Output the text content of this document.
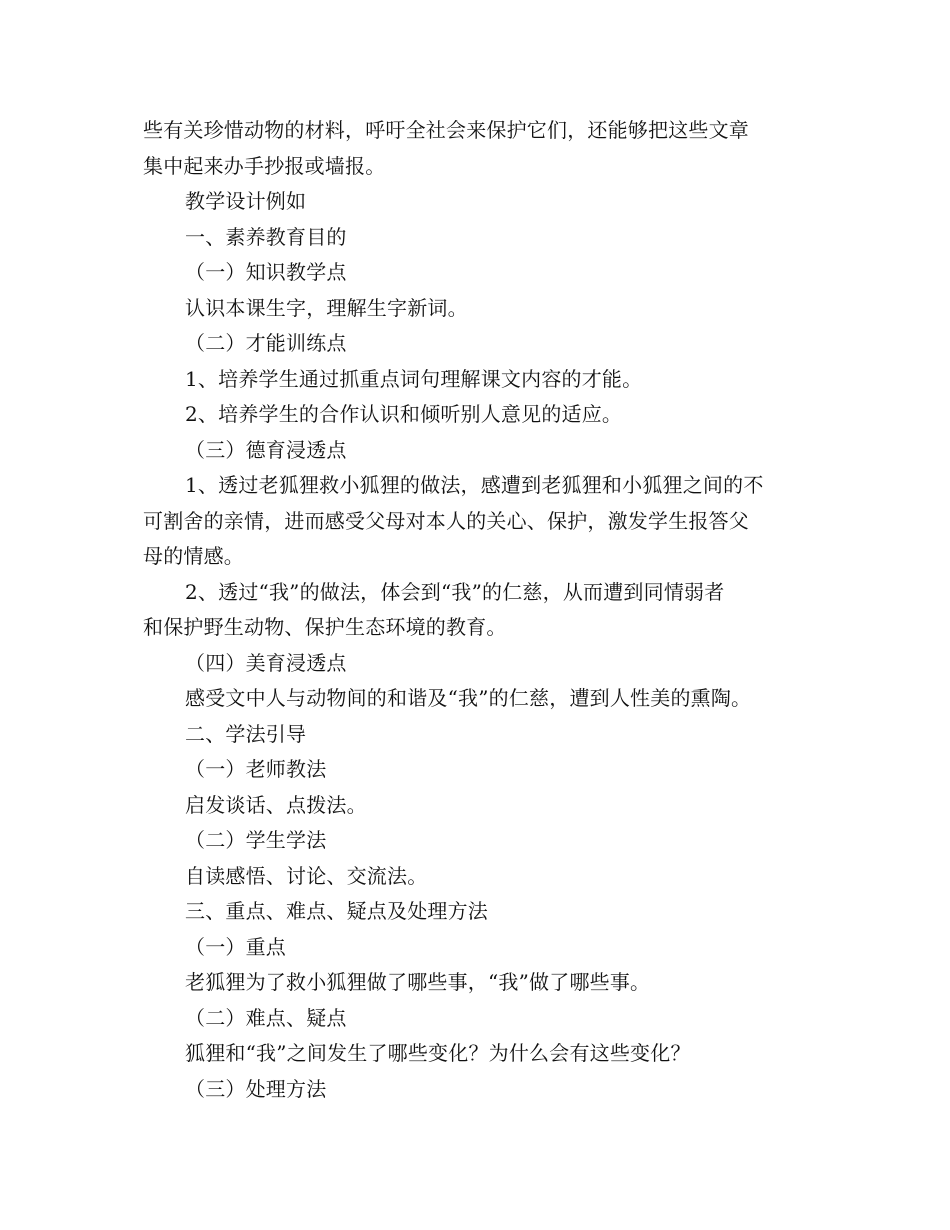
些有关珍惜动物的材料，呼吁全社会来保护它们，还能够把这些文章
集中起来办手抄报或墙报。
教学设计例如
一、素养教育目的
（一）知识教学点
认识本课生字，理解生字新词。
（二）才能训练点
1、培养学生通过抓重点词句理解课文内容的才能。
2、培养学生的合作认识和倾听别人意见的适应。
（三）德育浸透点
1、透过老狐狸救小狐狸的做法，感遭到老狐狸和小狐狸之间的不
可割舍的亲情，进而感受父母对本人的关心、保护，激发学生报答父
母的情感。
2、透过“我”的做法，体会到“我”的仁慈，从而遭到同情弱者
和保护野生动物、保护生态环境的教育。
（四）美育浸透点
感受文中人与动物间的和谐及“我”的仁慈，遭到人性美的熏陶。
二、学法引导
（一）老师教法
启发谈话、点拨法。
（二）学生学法
自读感悟、讨论、交流法。
三、重点、难点、疑点及处理方法
（一）重点
老狐狸为了救小狐狸做了哪些事，“我”做了哪些事。
（二）难点、疑点
狐狸和“我”之间发生了哪些变化？为什么会有这些变化？
（三）处理方法
